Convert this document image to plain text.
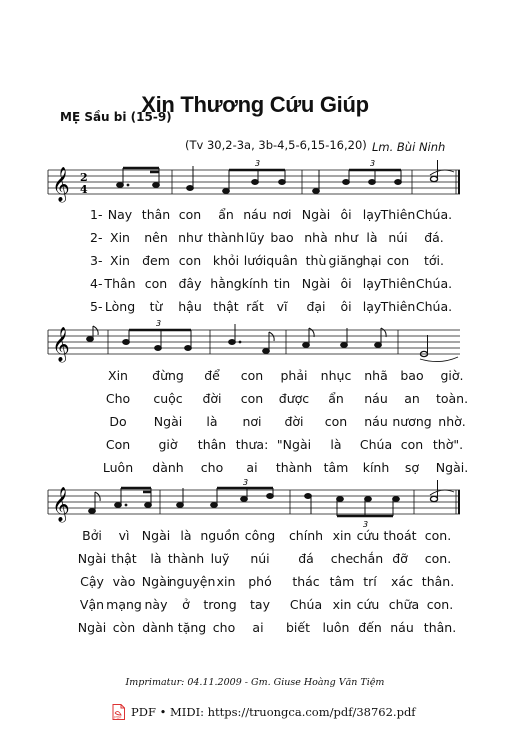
MẸ Sầu bi (15-9)
Xin Thương Cứu Giúp
(Tv 30,2-3a, 3b-4,5-6,15-16,20) Lm. Bùi Ninh
𝄞 2
4
3	3
𝄞
3
𝄞
3
3
1- Nay thân con ẩn náu nơi Ngài ôi lạy Thiên Chúa.
2- Xin nên như thành lũy bao nhà như là núi đá.
3- Xin đem con khỏi lưới quân thù giăng hại con tới.
4- Thân con đây hằng kính tin Ngài ôi lạy Thiên Chúa.
5- Lòng từ hậu thật rất vĩ đại ôi lạy Thiên Chúa.
Xin đừng để con phải nhục nhã bao giờ.
Cho cuộc đời con được ẩn náu an toàn.
Do Ngài là nơi đời con náu nương nhờ.
Con giờ thân thưa: "Ngài là Chúa con thờ".
Luôn dành cho ai thành tâm kính sợ Ngài.
Bởi vì Ngài là nguồn công chính xin cứu thoát con.
Ngài thật là thành luỹ núi đá che chắn đỡ con.
Cậy vào Ngài
nguyện xin phó thác tâm trí xác thân.
Vận mạng này ở trong tay Chúa xin cứu chữa con.
Ngài còn dành tặng cho ai biết luôn đến náu thân.
Imprimatur: 04.11.2009 - Gm. Giuse Hoàng Văn Tiệm
PDF PDF • MIDI: https://truongca.com/pdf/38762.pdf
